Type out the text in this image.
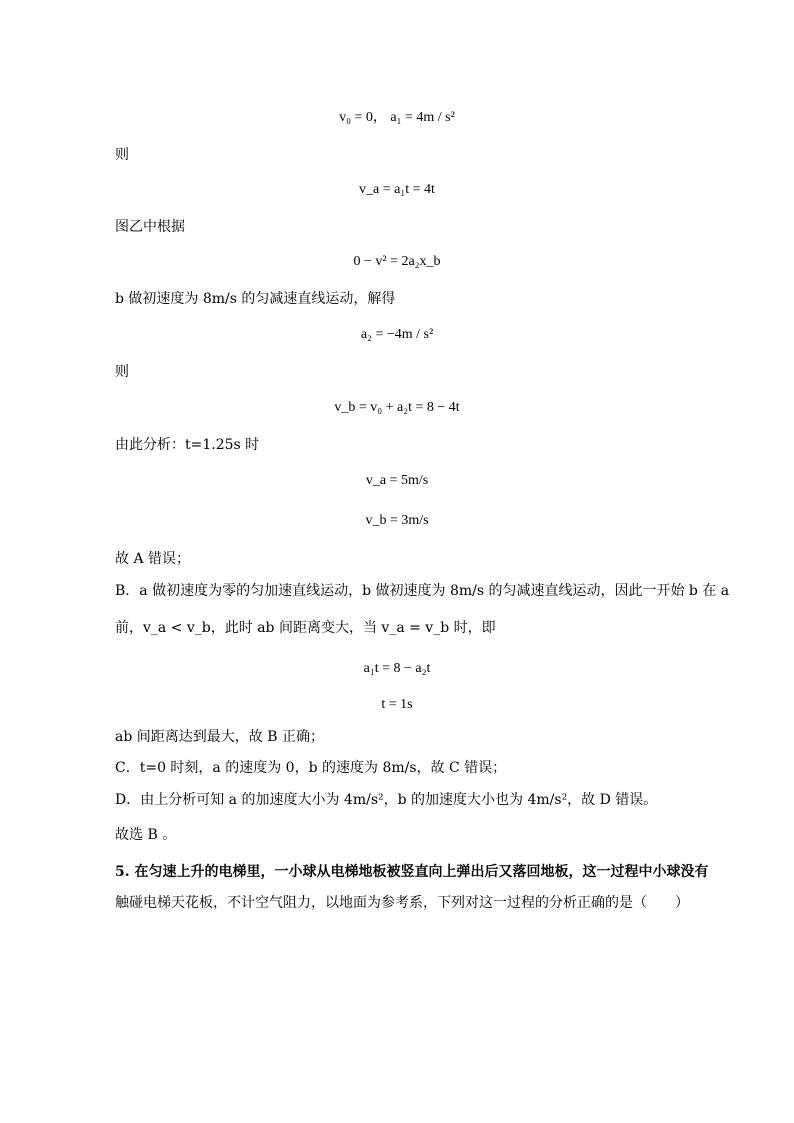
v₀ = 0， a₁ = 4m / s²
则
v_a = a₁t = 4t
图乙中根据
0 − v² = 2a₂x_b
b 做初速度为 8m/s 的匀减速直线运动，解得
a₂ = −4m / s²
则
v_b = v₀ + a₂t = 8 − 4t
由此分析：t=1.25s 时
v_a = 5m/s
v_b = 3m/s
故 A 错误；
B．a 做初速度为零的匀加速直线运动，b 做初速度为 8m/s 的匀减速直线运动，因此一开始 b 在 a
前，v_a < v_b，此时 ab 间距离变大，当 v_a = v_b 时，即
a₁t = 8 − a₂t
t = 1s
ab 间距离达到最大，故 B 正确；
C．t=0 时刻，a 的速度为 0，b 的速度为 8m/s，故 C 错误；
D．由上分析可知 a 的加速度大小为 4m/s²，b 的加速度大小也为 4m/s²，故 D 错误。
故选 B 。
5. 在匀速上升的电梯里，一小球从电梯地板被竖直向上弹出后又落回地板，这一过程中小球没有
触碰电梯天花板，不计空气阻力，以地面为参考系，下列对这一过程的分析正确的是（　　）
